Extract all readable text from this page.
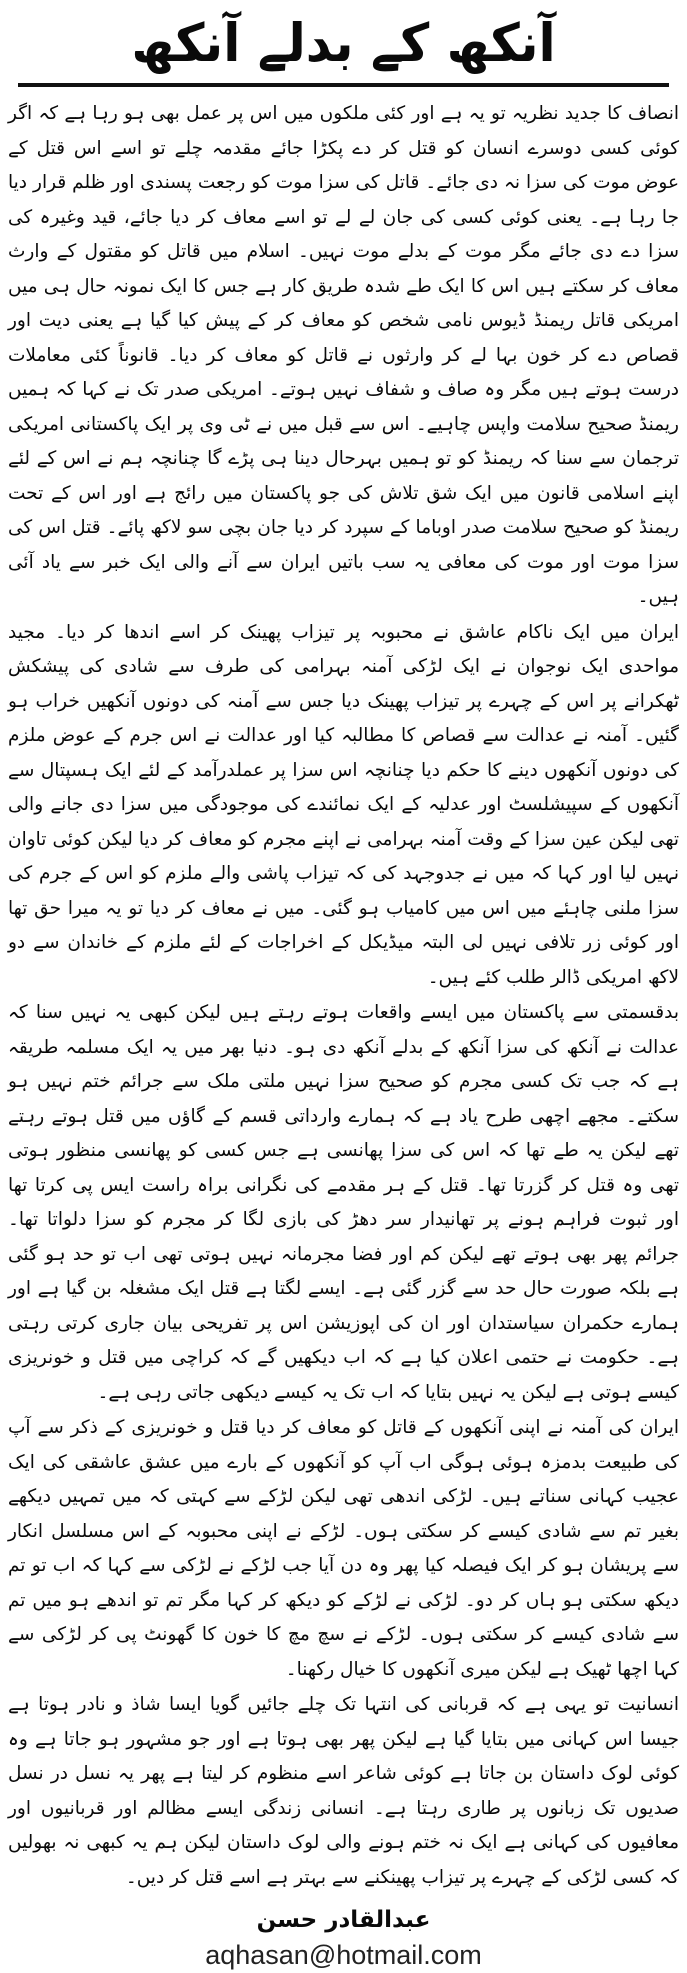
آنکھ کے بدلے آنکھ

انصاف کا جدید نظریہ تو یہ ہے اور کئی ملکوں میں اس پر عمل بھی ہو رہا ہے کہ اگر کوئی کسی دوسرے انسان کو قتل کر دے پکڑا جائے مقدمہ چلے تو اسے اس قتل کے عوض موت کی سزا نہ دی جائے۔ قاتل کی سزا موت کو رجعت پسندی اور ظلم قرار دیا جا رہا ہے۔ یعنی کوئی کسی کی جان لے لے تو اسے معاف کر دیا جائے، قید وغیرہ کی سزا دے دی جائے مگر موت کے بدلے موت نہیں۔ اسلام میں قاتل کو مقتول کے وارث معاف کر سکتے ہیں اس کا ایک طے شدہ طریق کار ہے جس کا ایک نمونہ حال ہی میں امریکی قاتل ریمنڈ ڈیوس نامی شخص کو معاف کر کے پیش کیا گیا ہے یعنی دیت اور قصاص دے کر خون بہا لے کر وارثوں نے قاتل کو معاف کر دیا۔ قانوناً کئی معاملات درست ہوتے ہیں مگر وہ صاف و شفاف نہیں ہوتے۔ امریکی صدر تک نے کہا کہ ہمیں ریمنڈ صحیح سلامت واپس چاہیے۔ اس سے قبل میں نے ٹی وی پر ایک پاکستانی امریکی ترجمان سے سنا کہ ریمنڈ کو تو ہمیں بہرحال دینا ہی پڑے گا چنانچہ ہم نے اس کے لئے اپنے اسلامی قانون میں ایک شق تلاش کی جو پاکستان میں رائج ہے اور اس کے تحت ریمنڈ کو صحیح سلامت صدر اوباما کے سپرد کر دیا جان بچی سو لاکھ پائے۔ قتل اس کی سزا موت اور موت کی معافی یہ سب باتیں ایران سے آنے والی ایک خبر سے یاد آئی ہیں۔

ایران میں ایک ناکام عاشق نے محبوبہ پر تیزاب پھینک کر اسے اندھا کر دیا۔ مجید مواحدی ایک نوجوان نے ایک لڑکی آمنہ بہرامی کی طرف سے شادی کی پیشکش ٹھکرانے پر اس کے چہرے پر تیزاب پھینک دیا جس سے آمنہ کی دونوں آنکھیں خراب ہو گئیں۔ آمنہ نے عدالت سے قصاص کا مطالبہ کیا اور عدالت نے اس جرم کے عوض ملزم کی دونوں آنکھوں دینے کا حکم دیا چنانچہ اس سزا پر عملدرآمد کے لئے ایک ہسپتال سے آنکھوں کے سپیشلسٹ اور عدلیہ کے ایک نمائندے کی موجودگی میں سزا دی جانے والی تھی لیکن عین سزا کے وقت آمنہ بہرامی نے اپنے مجرم کو معاف کر دیا لیکن کوئی تاوان نہیں لیا اور کہا کہ میں نے جدوجہد کی کہ تیزاب پاشی والے ملزم کو اس کے جرم کی سزا ملنی چاہئے میں اس میں کامیاب ہو گئی۔ میں نے معاف کر دیا تو یہ میرا حق تھا اور کوئی زر تلافی نہیں لی البتہ میڈیکل کے اخراجات کے لئے ملزم کے خاندان سے دو لاکھ امریکی ڈالر طلب کئے ہیں۔

بدقسمتی سے پاکستان میں ایسے واقعات ہوتے رہتے ہیں لیکن کبھی یہ نہیں سنا کہ عدالت نے آنکھ کی سزا آنکھ کے بدلے آنکھ دی ہو۔ دنیا بھر میں یہ ایک مسلمہ طریقہ ہے کہ جب تک کسی مجرم کو صحیح سزا نہیں ملتی ملک سے جرائم ختم نہیں ہو سکتے۔ مجھے اچھی طرح یاد ہے کہ ہمارے وارداتی قسم کے گاؤں میں قتل ہوتے رہتے تھے لیکن یہ طے تھا کہ اس کی سزا پھانسی ہے جس کسی کو پھانسی منظور ہوتی تھی وہ قتل کر گزرتا تھا۔ قتل کے ہر مقدمے کی نگرانی براہ راست ایس پی کرتا تھا اور ثبوت فراہم ہونے پر تھانیدار سر دھڑ کی بازی لگا کر مجرم کو سزا دلواتا تھا۔ جرائم پھر بھی ہوتے تھے لیکن کم اور فضا مجرمانہ نہیں ہوتی تھی اب تو حد ہو گئی ہے بلکہ صورت حال حد سے گزر گئی ہے۔ ایسے لگتا ہے قتل ایک مشغلہ بن گیا ہے اور ہمارے حکمران سیاستدان اور ان کی اپوزیشن اس پر تفریحی بیان جاری کرتی رہتی ہے۔ حکومت نے حتمی اعلان کیا ہے کہ اب دیکھیں گے کہ کراچی میں قتل و خونریزی کیسے ہوتی ہے لیکن یہ نہیں بتایا کہ اب تک یہ کیسے دیکھی جاتی رہی ہے۔

ایران کی آمنہ نے اپنی آنکھوں کے قاتل کو معاف کر دیا قتل و خونریزی کے ذکر سے آپ کی طبیعت بدمزہ ہوئی ہوگی اب آپ کو آنکھوں کے بارے میں عشق عاشقی کی ایک عجیب کہانی سناتے ہیں۔ لڑکی اندھی تھی لیکن لڑکے سے کہتی کہ میں تمہیں دیکھے بغیر تم سے شادی کیسے کر سکتی ہوں۔ لڑکے نے اپنی محبوبہ کے اس مسلسل انکار سے پریشان ہو کر ایک فیصلہ کیا پھر وہ دن آیا جب لڑکے نے لڑکی سے کہا کہ اب تو تم دیکھ سکتی ہو ہاں کر دو۔ لڑکی نے لڑکے کو دیکھ کر کہا مگر تم تو اندھے ہو میں تم سے شادی کیسے کر سکتی ہوں۔ لڑکے نے سچ مچ کا خون کا گھونٹ پی کر لڑکی سے کہا اچھا ٹھیک ہے لیکن میری آنکھوں کا خیال رکھنا۔

انسانیت تو یہی ہے کہ قربانی کی انتہا تک چلے جائیں گویا ایسا شاذ و نادر ہوتا ہے جیسا اس کہانی میں بتایا گیا ہے لیکن پھر بھی ہوتا ہے اور جو مشہور ہو جاتا ہے وہ کوئی لوک داستان بن جاتا ہے کوئی شاعر اسے منظوم کر لیتا ہے پھر یہ نسل در نسل صدیوں تک زبانوں پر طاری رہتا ہے۔ انسانی زندگی ایسے مظالم اور قربانیوں اور معافیوں کی کہانی ہے ایک نہ ختم ہونے والی لوک داستان لیکن ہم یہ کبھی نہ بھولیں کہ کسی لڑکی کے چہرے پر تیزاب پھینکنے سے بہتر ہے اسے قتل کر دیں۔

عبدالقادر حسن
aqhasan@hotmail.com
